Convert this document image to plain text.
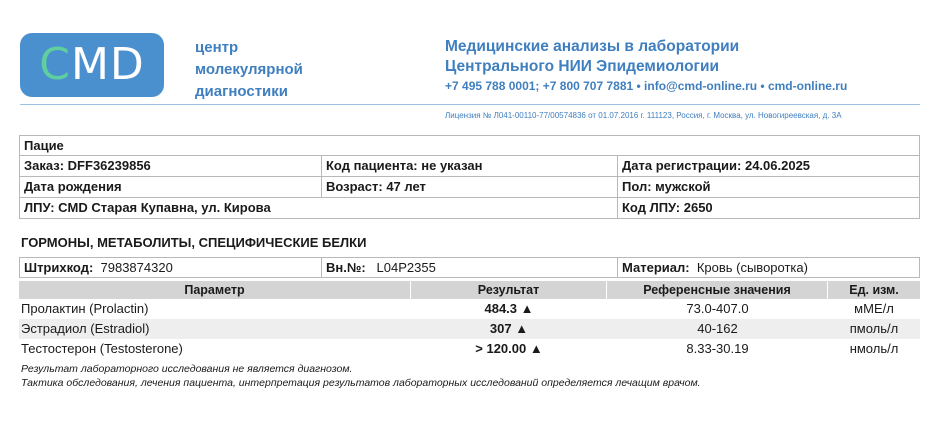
CMD	центр
молекулярной
диагностики
Медицинские анализы в лаборатории
Центрального НИИ Эпидемиологии
+7 495 788 0001; +7 800 707 7881 • info@cmd-online.ru • cmd-online.ru
Лицензия № Л041-00110-77/00574836 от 01.07.2016 г. 111123, Россия, г. Москва, ул. Новогиреевская, д. 3А
Пацие
Заказ: DFF36239856	Код пациента: не указан	Дата регистрации: 24.06.2025
Дата рождения	Возраст: 47 лет	Пол: мужской
ЛПУ: CMD Старая Купавна, ул. Кирова	Код ЛПУ: 2650
ГОРМОНЫ, МЕТАБОЛИТЫ, СПЕЦИФИЧЕСКИЕ БЕЛКИ
Штрихкод: 7983874320	Вн.№: L04P2355	Материал: Кровь (сыворотка)
Параметр	Результат	Референсные значения	Ед. изм.
Пролактин (Prolactin)	484.3 ▲	73.0-407.0	мМЕ/л
Эстрадиол (Estradiol)	307 ▲	40-162	пмоль/л
Тестостерон (Testosterone)	> 120.00 ▲	8.33-30.19	нмоль/л
Результат лабораторного исследования не является диагнозом.
Тактика обследования, лечения пациента, интерпретация результатов лабораторных исследований определяется лечащим врачом.
